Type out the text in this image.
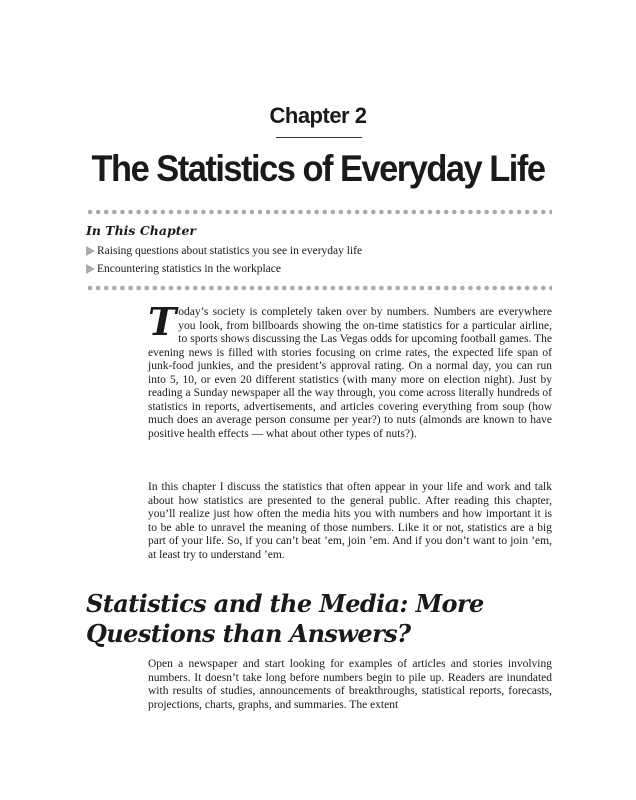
Chapter 2
The Statistics of Everyday Life
In This Chapter
Raising questions about statistics you see in everyday life
Encountering statistics in the workplace

Today’s society is completely taken over by numbers. Numbers are everywhere you look, from billboards showing the on-time statistics for a particular airline, to sports shows discussing the Las Vegas odds for upcoming football games. The evening news is filled with stories focusing on crime rates, the expected life span of junk-food junkies, and the president’s approval rating. On a normal day, you can run into 5, 10, or even 20 different statistics (with many more on election night). Just by reading a Sunday newspaper all the way through, you come across literally hundreds of statistics in reports, advertisements, and articles covering everything from soup (how much does an average person consume per year?) to nuts (almonds are known to have positive health effects — what about other types of nuts?).

In this chapter I discuss the statistics that often appear in your life and work and talk about how statistics are presented to the general public. After reading this chapter, you’ll realize just how often the media hits you with numbers and how important it is to be able to unravel the meaning of those numbers. Like it or not, statistics are a big part of your life. So, if you can’t beat ’em, join ’em. And if you don’t want to join ’em, at least try to understand ’em.

Statistics and the Media: More
Questions than Answers?

Open a newspaper and start looking for examples of articles and stories involving numbers. It doesn’t take long before numbers begin to pile up. Readers are inundated with results of studies, announcements of breakthroughs, statistical reports, forecasts, projections, charts, graphs, and summaries. The extent
